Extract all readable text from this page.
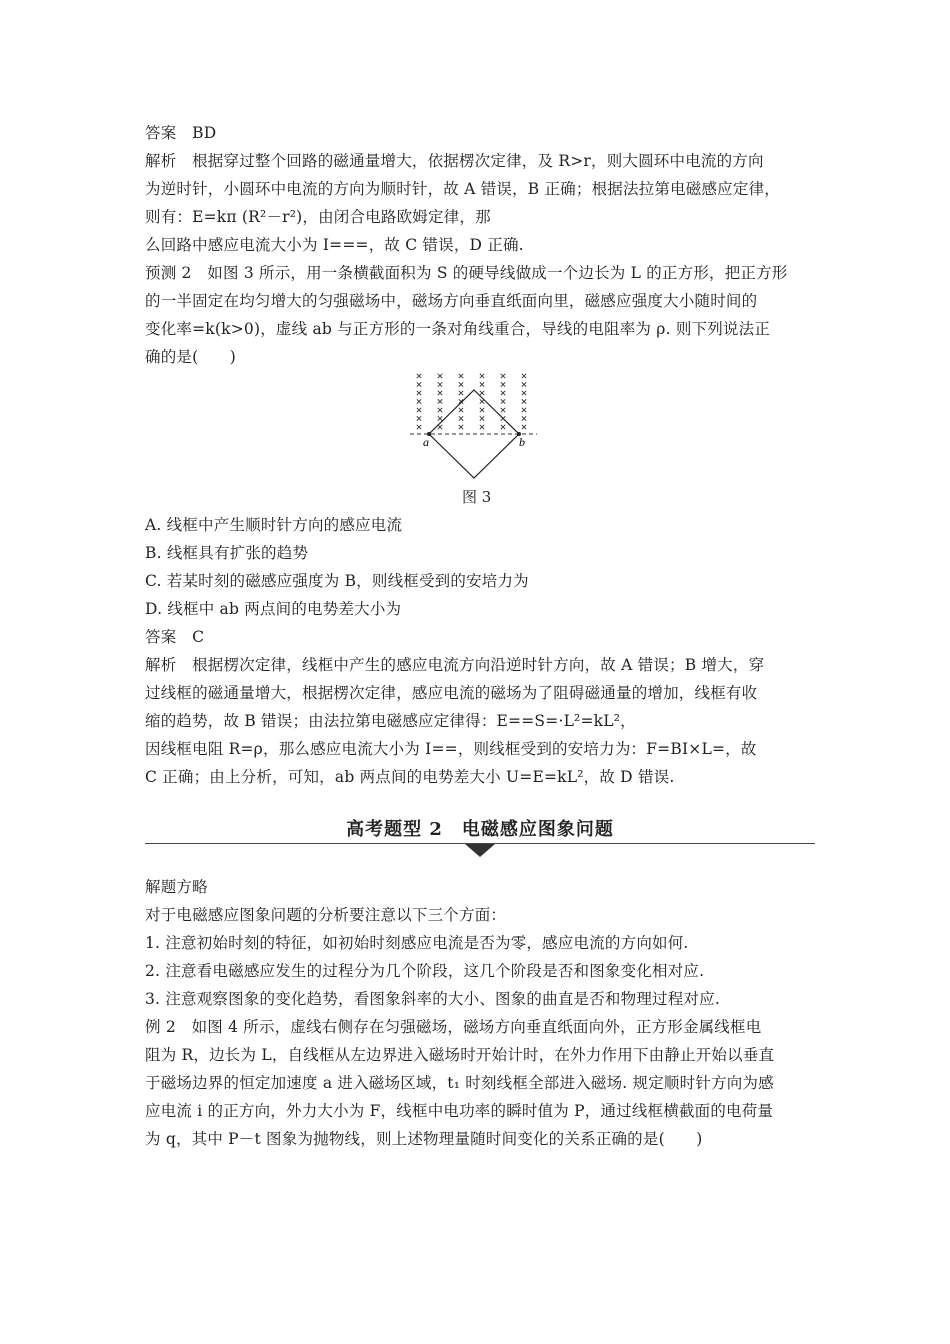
答案　BD
解析　根据穿过整个回路的磁通量增大，依据楞次定律，及 R>r，则大圆环中电流的方向
为逆时针，小圆环中电流的方向为顺时针，故 A 错误，B 正确；根据法拉第电磁感应定律，
则有：E=kπ (R²－r²)，由闭合电路欧姆定律，那
么回路中感应电流大小为 I===，故 C 错误，D 正确.
预测 2　如图 3 所示，用一条横截面积为 S 的硬导线做成一个边长为 L 的正方形，把正方形
的一半固定在均匀增大的匀强磁场中，磁场方向垂直纸面向里，磁感应强度大小随时间的
变化率=k(k>0)，虚线 ab 与正方形的一条对角线重合，导线的电阻率为 ρ. 则下列说法正
确的是(　　)
a	b
图 3
A. 线框中产生顺时针方向的感应电流
B. 线框具有扩张的趋势
C. 若某时刻的磁感应强度为 B，则线框受到的安培力为
D. 线框中 ab 两点间的电势差大小为
答案　C
解析　根据楞次定律，线框中产生的感应电流方向沿逆时针方向，故 A 错误；B 增大，穿
过线框的磁通量增大，根据楞次定律，感应电流的磁场为了阻碍磁通量的增加，线框有收
缩的趋势，故 B 错误；由法拉第电磁感应定律得：E==S=·L²=kL²，
因线框电阻 R=ρ，那么感应电流大小为 I==，则线框受到的安培力为：F=BI×L=，故
C 正确；由上分析，可知，ab 两点间的电势差大小 U=E=kL²，故 D 错误.
高考题型 2　电磁感应图象问题
解题方略
对于电磁感应图象问题的分析要注意以下三个方面：
1. 注意初始时刻的特征，如初始时刻感应电流是否为零，感应电流的方向如何.
2. 注意看电磁感应发生的过程分为几个阶段，这几个阶段是否和图象变化相对应.
3. 注意观察图象的变化趋势，看图象斜率的大小、图象的曲直是否和物理过程对应.
例 2　如图 4 所示，虚线右侧存在匀强磁场，磁场方向垂直纸面向外，正方形金属线框电
阻为 R，边长为 L，自线框从左边界进入磁场时开始计时，在外力作用下由静止开始以垂直
于磁场边界的恒定加速度 a 进入磁场区域，t₁ 时刻线框全部进入磁场. 规定顺时针方向为感
应电流 i 的正方向，外力大小为 F，线框中电功率的瞬时值为 P，通过线框横截面的电荷量
为 q，其中 P－t 图象为抛物线，则上述物理量随时间变化的关系正确的是(　　)
